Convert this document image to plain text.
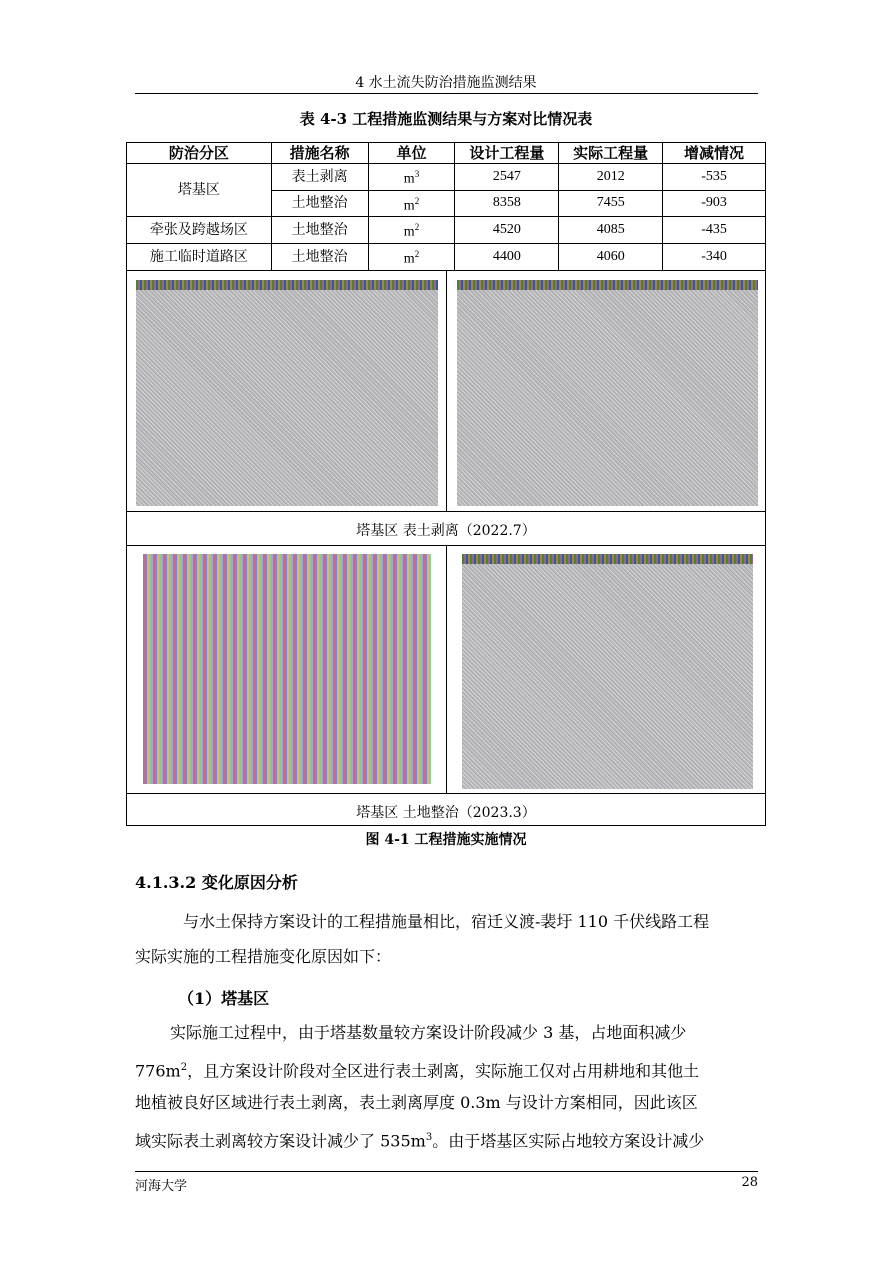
4 水土流失防治措施监测结果
表 4-3 工程措施监测结果与方案对比情况表
防治分区	措施名称	单位	设计工程量	实际工程量	增减情况
塔基区	表土剥离	$m^3$	2547	2012	-535
	土地整治	$m^2$	8358	7455	-903
牵张及跨越场区	土地整治	$m^2$	4520	4085	-435
施工临时道路区	土地整治	$m^2$	4400	4060	-340
塔基区 表土剥离（2022.7）
塔基区 土地整治（2023.3）
图 4-1 工程措施实施情况
4.1.3.2 变化原因分析
与水土保持方案设计的工程措施量相比，宿迁义渡-裴圩 110 千伏线路工程
实际实施的工程措施变化原因如下：
（1）塔基区
实际施工过程中，由于塔基数量较方案设计阶段减少 3 基，占地面积减少
$776m^2$，且方案设计阶段对全区进行表土剥离，实际施工仅对占用耕地和其他土
地植被良好区域进行表土剥离，表土剥离厚度 0.3m 与设计方案相同，因此该区
域实际表土剥离较方案设计减少了 $535m^3$。由于塔基区实际占地较方案设计减少
河海大学	28
